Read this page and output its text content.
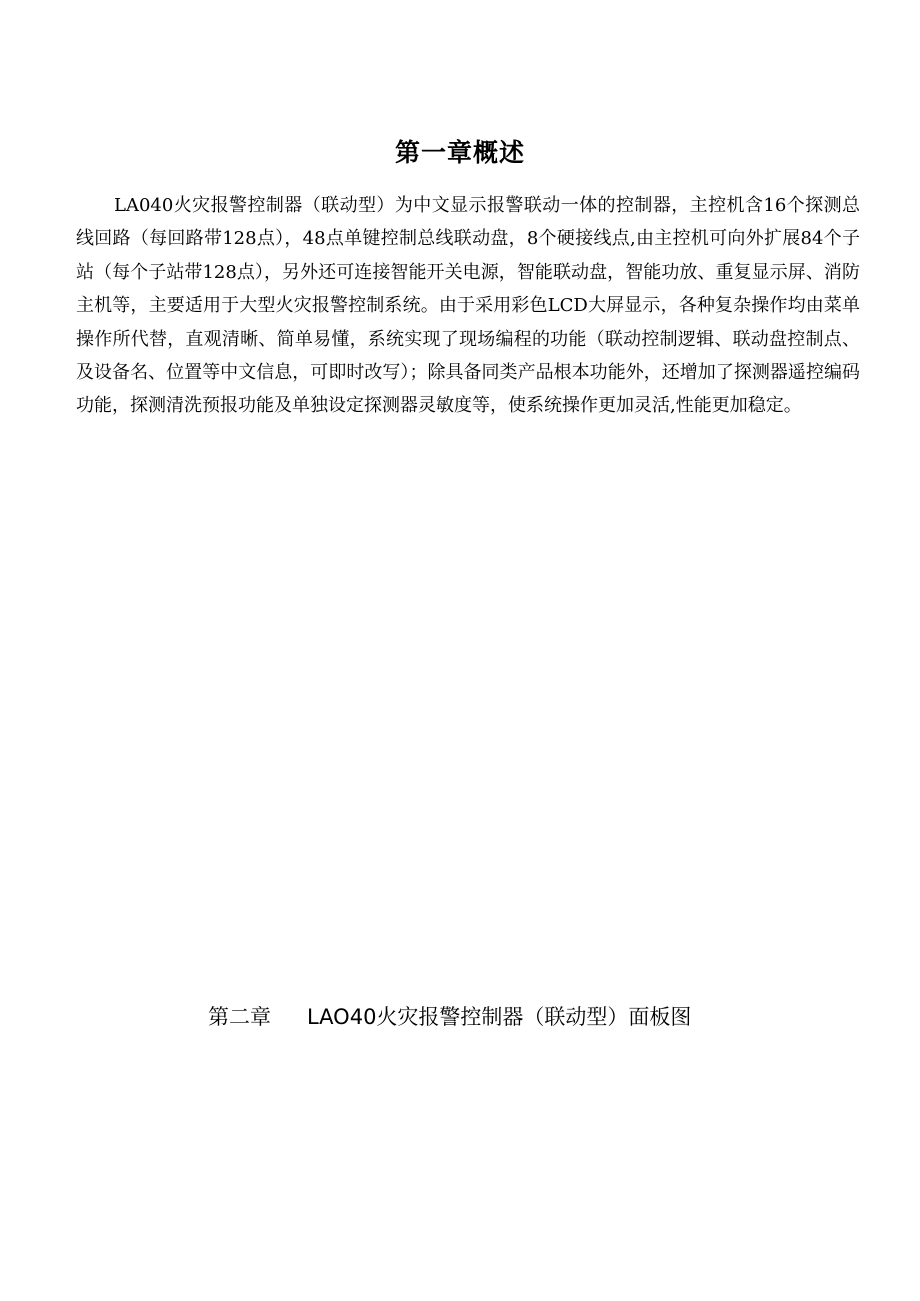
第一章概述

LA040火灾报警控制器（联动型）为中文显示报警联动一体的控制器，主控机含16个探测总线回路（每回路带128点），48点单键控制总线联动盘，8个硬接线点,由主控机可向外扩展84个子站（每个子站带128点），另外还可连接智能开关电源，智能联动盘，智能功放、重复显示屏、消防主机等，主要适用于大型火灾报警控制系统。由于采用彩色LCD大屏显示，各种复杂操作均由菜单操作所代替，直观清晰、简单易懂，系统实现了现场编程的功能（联动控制逻辑、联动盘控制点、及设备名、位置等中文信息，可即时改写）；除具备同类产品根本功能外，还增加了探测器遥控编码功能，探测清洗预报功能及单独设定探测器灵敏度等，使系统操作更加灵活,性能更加稳定。

第二章 LAO40火灾报警控制器（联动型）面板图
